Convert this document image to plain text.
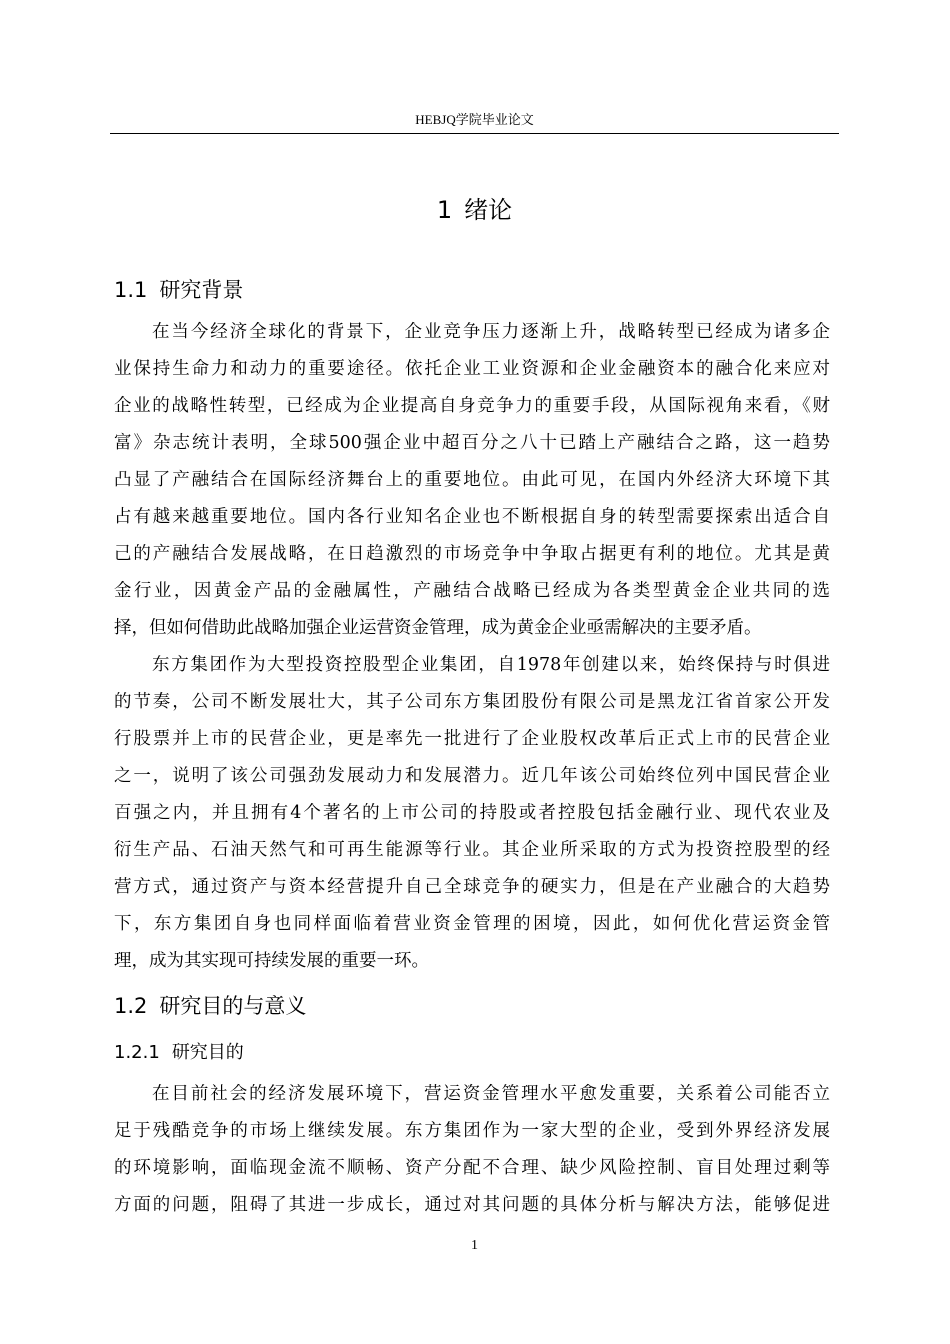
HEBJQ学院毕业论文
1 绪论
1.1 研究背景
在当今经济全球化的背景下，企业竞争压力逐渐上升，战略转型已经成为诸多企
业保持生命力和动力的重要途径。依托企业工业资源和企业金融资本的融合化来应对
企业的战略性转型，已经成为企业提高自身竞争力的重要手段，从国际视角来看，《财
富》杂志统计表明，全球500强企业中超百分之八十已踏上产融结合之路，这一趋势
凸显了产融结合在国际经济舞台上的重要地位。由此可见，在国内外经济大环境下其
占有越来越重要地位。国内各行业知名企业也不断根据自身的转型需要探索出适合自
己的产融结合发展战略，在日趋激烈的市场竞争中争取占据更有利的地位。尤其是黄
金行业，因黄金产品的金融属性，产融结合战略已经成为各类型黄金企业共同的选
择，但如何借助此战略加强企业运营资金管理，成为黄金企业亟需解决的主要矛盾。
东方集团作为大型投资控股型企业集团，自1978年创建以来，始终保持与时俱进
的节奏，公司不断发展壮大，其子公司东方集团股份有限公司是黑龙江省首家公开发
行股票并上市的民营企业，更是率先一批进行了企业股权改革后正式上市的民营企业
之一，说明了该公司强劲发展动力和发展潜力。近几年该公司始终位列中国民营企业
百强之内，并且拥有4个著名的上市公司的持股或者控股包括金融行业、现代农业及
衍生产品、石油天然气和可再生能源等行业。其企业所采取的方式为投资控股型的经
营方式，通过资产与资本经营提升自己全球竞争的硬实力，但是在产业融合的大趋势
下，东方集团自身也同样面临着营业资金管理的困境，因此，如何优化营运资金管
理，成为其实现可持续发展的重要一环。
1.2 研究目的与意义
1.2.1 研究目的
在目前社会的经济发展环境下，营运资金管理水平愈发重要，关系着公司能否立
足于残酷竞争的市场上继续发展。东方集团作为一家大型的企业，受到外界经济发展
的环境影响，面临现金流不顺畅、资产分配不合理、缺少风险控制、盲目处理过剩等
方面的问题，阻碍了其进一步成长，通过对其问题的具体分析与解决方法，能够促进
1
